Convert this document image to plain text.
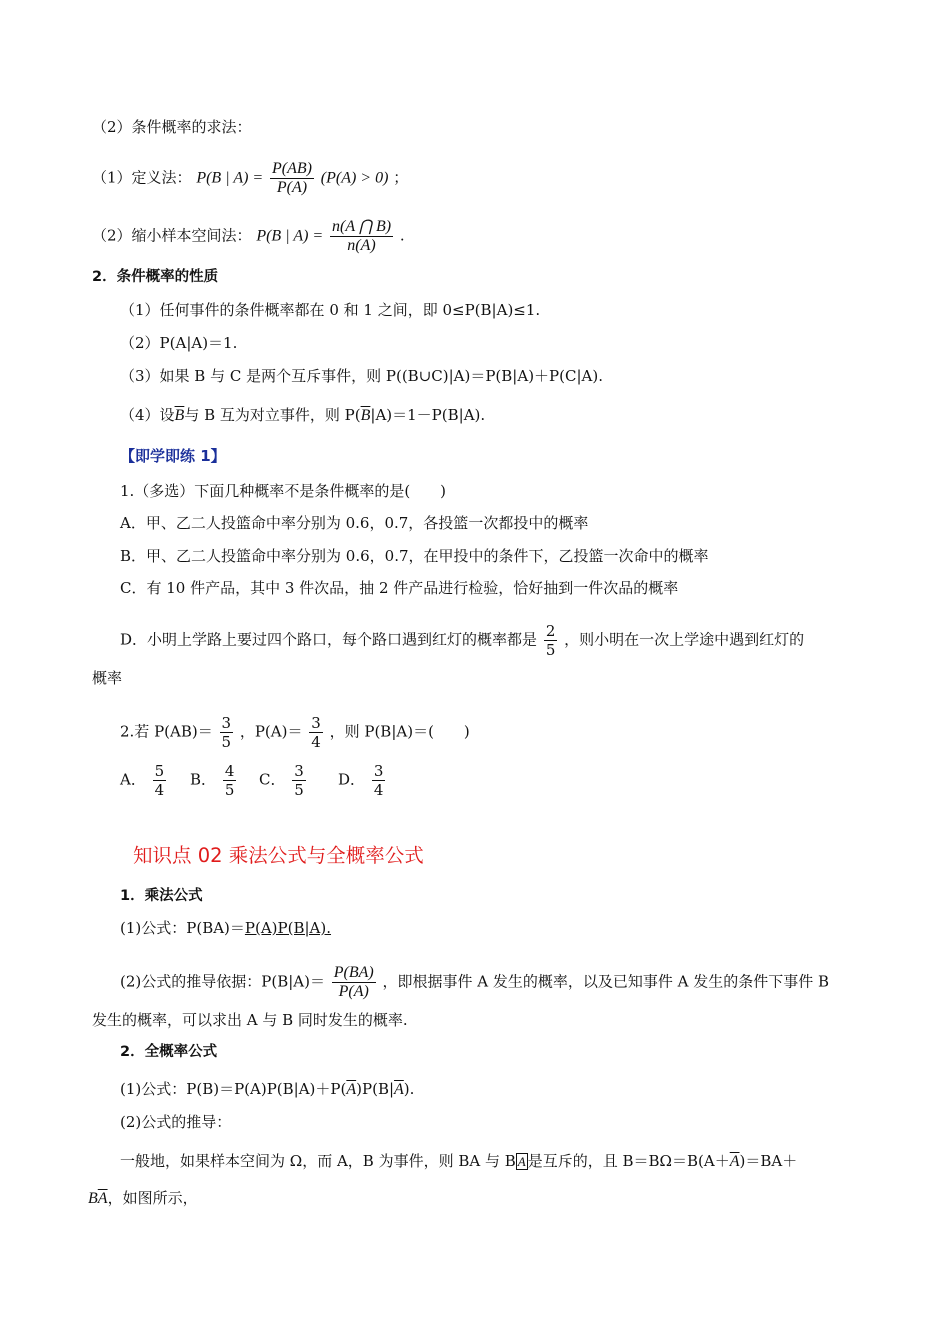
（2）条件概率的求法：
（1）定义法： P(B | $A) = \frac{P(AB)}{P(A)} (P(A) > 0)$ ；
（2）缩小样本空间法： P(B | $A) = \frac{n(A ⋂ B)}{n(A)}$ .
2．条件概率的性质
（1）任何事件的条件概率都在 0 和 1 之间，即 0≤P(B|A)≤1.
（2）P(A|A)＝1.
（3）如果 B 与 C 是两个互斥事件，则 P((B∪C)|A)＝P(B|A)＋P(C|A).
（4）设$\overline{B}$与 B 互为对立事件，则 $P(\overline{B}|A)=1-P(B|A)$.
【即学即练 1】
1.（多选）下面几种概率不是条件概率的是(　　)
A．甲、乙二人投篮命中率分别为 0.6，0.7，各投篮一次都投中的概率
B．甲、乙二人投篮命中率分别为 0.6，0.7，在甲投中的条件下，乙投篮一次命中的概率
C．有 10 件产品，其中 3 件次品，抽 2 件产品进行检验，恰好抽到一件次品的概率
D．小明上学路上要过四个路口，每个路口遇到红灯的概率都是 $\frac{2}{5}$ ，则小明在一次上学途中遇到红灯的
概率
2.若 $P(AB)= \frac{3}{5}$ ，$P(A)= \frac{3}{4}$ ，则 P(B|A)＝(　　)
A． $\frac{5}{4}$ B． $\frac{4}{5}$ C． $\frac{3}{5}$ D． $\frac{3}{4}$
知识点 02 乘法公式与全概率公式
1．乘法公式
(1)公式：P(BA)＝P(A)P(B|A).
(2)公式的推导依据：$P(B|A)= \frac{P(BA)}{P(A)}$ ，即根据事件 A 发生的概率，以及已知事件 A 发生的条件下事件 B
发生的概率，可以求出 A 与 B 同时发生的概率.
2．全概率公式
(1)公式：$P(B)=P(A)P(B|A)+P(\overline{A})P(B|\overline{A})$.
(2)公式的推导：
一般地，如果样本空间为 Ω，而 A，B 为事件，则 BA 与 B A 是互斥的，且 $B=B\Omega=B(A+\overline{A})=BA+$
$B\overline{A}$，如图所示，
